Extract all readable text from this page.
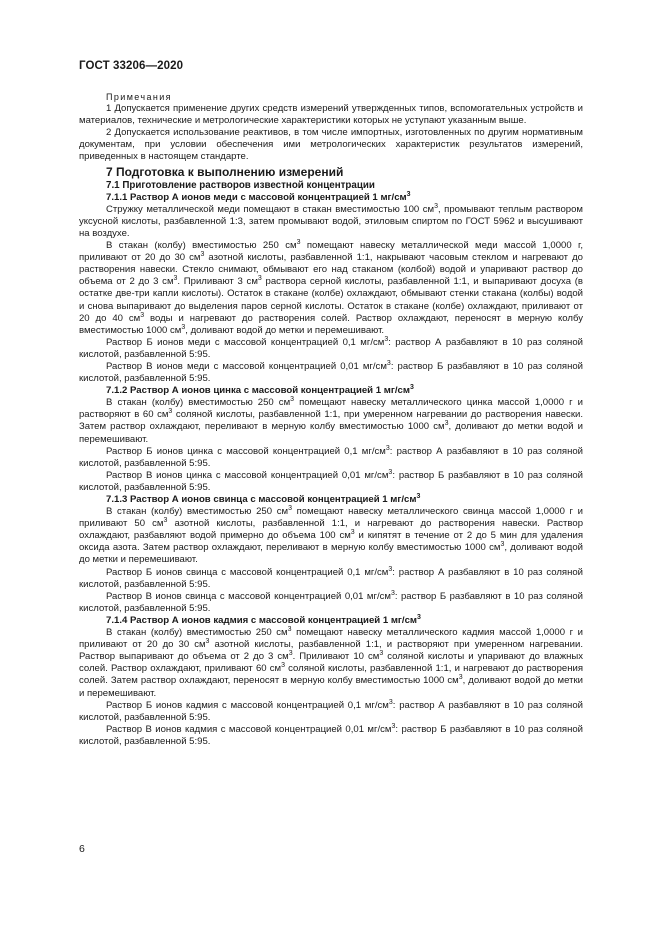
ГОСТ 33206—2020

Примечания

1 Допускается применение других средств измерений утвержденных типов, вспомогательных устройств и материалов, технические и метрологические характеристики которых не уступают указанным выше.

2 Допускается использование реактивов, в том числе импортных, изготовленных по другим нормативным документам, при условии обеспечения ими метрологических характеристик результатов измерений, приведенных в настоящем стандарте.

7 Подготовка к выполнению измерений

7.1 Приготовление растворов известной концентрации

7.1.1 Раствор А ионов меди с массовой концентрацией 1 $мг/см^3$

Стружку металлической меди помещают в стакан вместимостью 100 $см^3$, промывают теплым раствором уксусной кислоты, разбавленной 1:3, затем промывают водой, этиловым спиртом по ГОСТ 5962 и высушивают на воздухе.

В стакан (колбу) вместимостью 250 $см^3$ помещают навеску металлической меди массой 1,0000 г, приливают от 20 до 30 $см^3$ азотной кислоты, разбавленной 1:1, накрывают часовым стеклом и нагревают до растворения навески. Стекло снимают, обмывают его над стаканом (колбой) водой и упаривают раствор до объема от 2 до 3 $см^3$. Приливают 3 $см^3$ раствора серной кислоты, разбавленной 1:1, и выпаривают досуха (в остатке две-три капли кислоты). Остаток в стакане (колбе) охлаждают, обмывают стенки стакана (колбы) водой и снова выпаривают до выделения паров серной кислоты. Остаток в стакане (колбе) охлаждают, приливают от 20 до 40 $см^3$ воды и нагревают до растворения солей. Раствор охлаждают, переносят в мерную колбу вместимостью 1000 $см^3$, доливают водой до метки и перемешивают.

Раствор Б ионов меди с массовой концентрацией 0,1 $мг/см^3$: раствор А разбавляют в 10 раз соляной кислотой, разбавленной 5:95.

Раствор В ионов меди с массовой концентрацией 0,01 $мг/см^3$: раствор Б разбавляют в 10 раз соляной кислотой, разбавленной 5:95.

7.1.2 Раствор А ионов цинка с массовой концентрацией 1 $мг/см^3$

В стакан (колбу) вместимостью 250 $см^3$ помещают навеску металлического цинка массой 1,0000 г и растворяют в 60 $см^3$ соляной кислоты, разбавленной 1:1, при умеренном нагревании до растворения навески. Затем раствор охлаждают, переливают в мерную колбу вместимостью 1000 $см^3$, доливают до метки водой и перемешивают.

Раствор Б ионов цинка с массовой концентрацией 0,1 $мг/см^3$: раствор А разбавляют в 10 раз соляной кислотой, разбавленной 5:95.

Раствор В ионов цинка с массовой концентрацией 0,01 $мг/см^3$: раствор Б разбавляют в 10 раз соляной кислотой, разбавленной 5:95.

7.1.3 Раствор А ионов свинца с массовой концентрацией 1 $мг/см^3$

В стакан (колбу) вместимостью 250 $см^3$ помещают навеску металлического свинца массой 1,0000 г и приливают 50 $см^3$ азотной кислоты, разбавленной 1:1, и нагревают до растворения навески. Раствор охлаждают, разбавляют водой примерно до объема 100 $см^3$ и кипятят в течение от 2 до 5 мин для удаления оксида азота. Затем раствор охлаждают, переливают в мерную колбу вместимостью 1000 $см^3$, доливают водой до метки и перемешивают.

Раствор Б ионов свинца с массовой концентрацией 0,1 $мг/см^3$: раствор А разбавляют в 10 раз соляной кислотой, разбавленной 5:95.

Раствор В ионов свинца с массовой концентрацией 0,01 $мг/см^3$: раствор Б разбавляют в 10 раз соляной кислотой, разбавленной 5:95.

7.1.4 Раствор А ионов кадмия с массовой концентрацией 1 $мг/см^3$

В стакан (колбу) вместимостью 250 $см^3$ помещают навеску металлического кадмия массой 1,0000 г и приливают от 20 до 30 $см^3$ азотной кислоты, разбавленной 1:1, и растворяют при умеренном нагревании. Раствор выпаривают до объема от 2 до 3 $см^3$. Приливают 10 $см^3$ соляной кислоты и упаривают до влажных солей. Раствор охлаждают, приливают 60 $см^3$ соляной кислоты, разбавленной 1:1, и нагревают до растворения солей. Затем раствор охлаждают, переносят в мерную колбу вместимостью 1000 $см^3$, доливают водой до метки и перемешивают.

Раствор Б ионов кадмия с массовой концентрацией 0,1 $мг/см^3$: раствор А разбавляют в 10 раз соляной кислотой, разбавленной 5:95.

Раствор В ионов кадмия с массовой концентрацией 0,01 $мг/см^3$: раствор Б разбавляют в 10 раз соляной кислотой, разбавленной 5:95.

6
